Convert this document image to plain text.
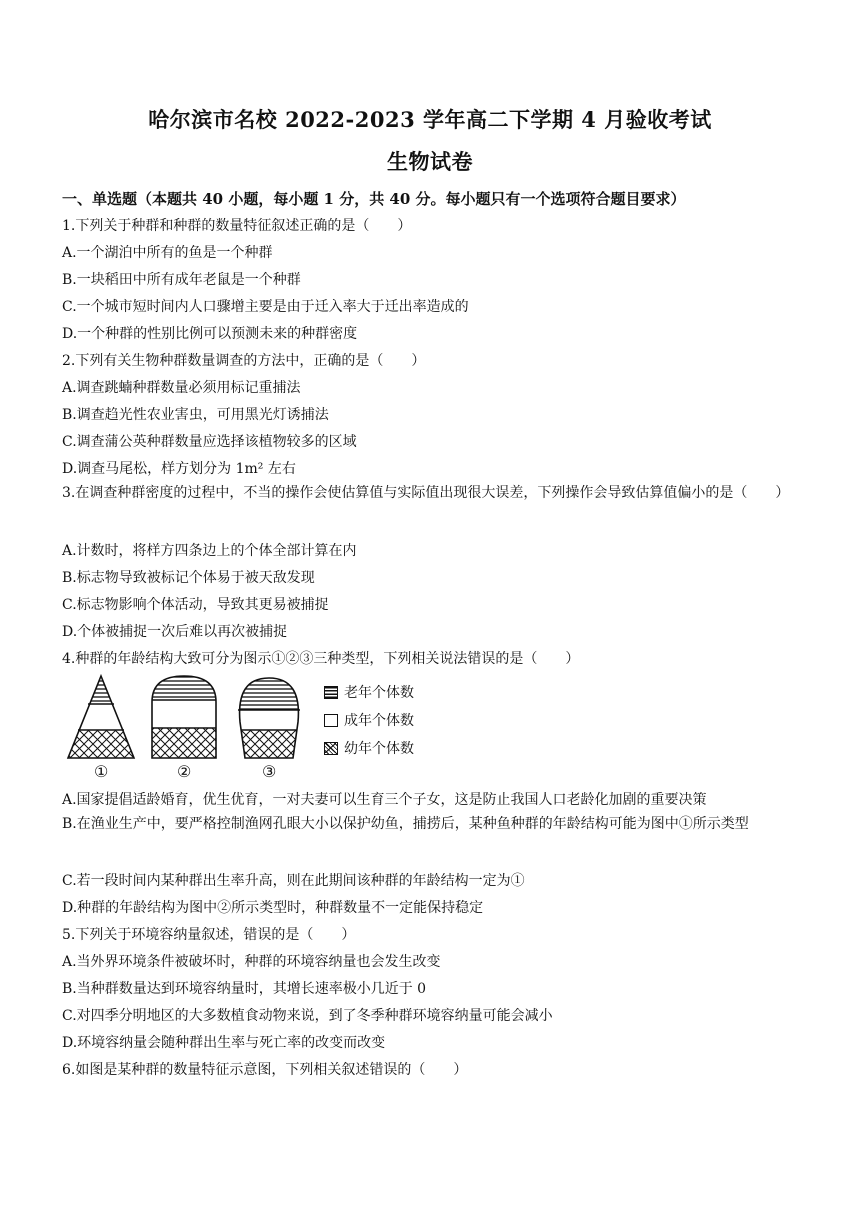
哈尔滨市名校 2022-2023 学年高二下学期 4 月验收考试
生物试卷
一、单选题（本题共 40 小题，每小题 1 分，共 40 分。每小题只有一个选项符合题目要求）
1.下列关于种群和种群的数量特征叙述正确的是（　　）
A.一个湖泊中所有的鱼是一个种群
B.一块稻田中所有成年老鼠是一个种群
C.一个城市短时间内人口骤增主要是由于迁入率大于迁出率造成的
D.一个种群的性别比例可以预测未来的种群密度
2.下列有关生物种群数量调查的方法中，正确的是（　　）
A.调查跳蝻种群数量必须用标记重捕法
B.调查趋光性农业害虫，可用黑光灯诱捕法
C.调查蒲公英种群数量应选择该植物较多的区域
D.调查马尾松，样方划分为 1m² 左右
3.在调查种群密度的过程中，不当的操作会使估算值与实际值出现很大误差，下列操作会导致估算值偏小的是（　　）
A.计数时，将样方四条边上的个体全部计算在内
B.标志物导致被标记个体易于被天敌发现
C.标志物影响个体活动，导致其更易被捕捉
D.个体被捕捉一次后难以再次被捕捉
4.种群的年龄结构大致可分为图示①②③三种类型，下列相关说法错误的是（　　）
①	②	③
老年个体数
成年个体数
幼年个体数
A.国家提倡适龄婚育，优生优育，一对夫妻可以生育三个子女，这是防止我国人口老龄化加剧的重要决策
B.在渔业生产中，要严格控制渔网孔眼大小以保护幼鱼，捕捞后，某种鱼种群的年龄结构可能为图中①所示类型
C.若一段时间内某种群出生率升高，则在此期间该种群的年龄结构一定为①
D.种群的年龄结构为图中②所示类型时，种群数量不一定能保持稳定
5.下列关于环境容纳量叙述，错误的是（　　）
A.当外界环境条件被破坏时，种群的环境容纳量也会发生改变
B.当种群数量达到环境容纳量时，其增长速率极小几近于 0
C.对四季分明地区的大多数植食动物来说，到了冬季种群环境容纳量可能会减小
D.环境容纳量会随种群出生率与死亡率的改变而改变
6.如图是某种群的数量特征示意图，下列相关叙述错误的（　　）
